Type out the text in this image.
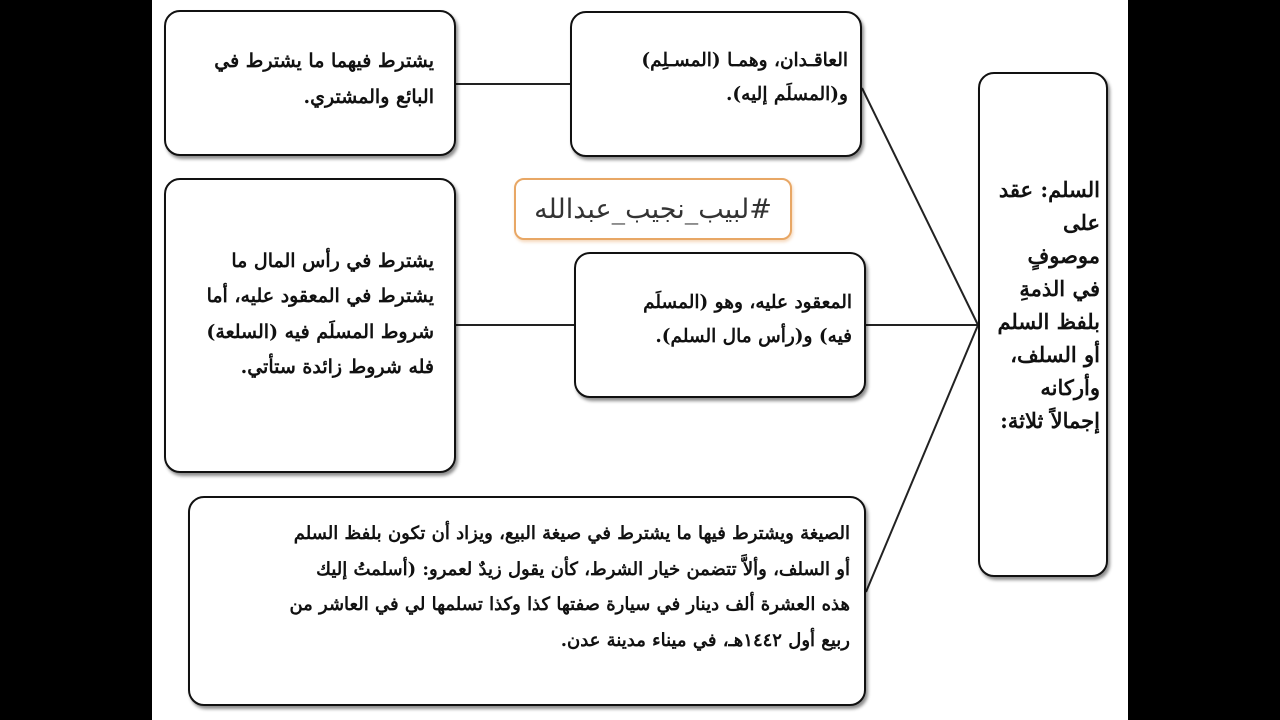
السلم: عقد
على موصوفٍ
في الذمةِ
بلفظ السلم
أو السلف،
وأركانه
إجمالاً ثلاثة:

العاقـدان، وهمـا (المسـلِم)
و(المسلَم إليه).

يشترط فيهما ما يشترط في
البائع والمشتري.

#لبيب_نجيب_عبدالله

المعقود عليه، وهو (المسلَم
فيه) و(رأس مال السلم).

يشترط في رأس المال ما
يشترط في المعقود عليه، أما
شروط المسلَم فيه (السلعة)
فله شروط زائدة ستأتي.

الصيغة ويشترط فيها ما يشترط في صيغة البيع، ويزاد أن تكون بلفظ السلم
أو السلف، وألاَّ تتضمن خيار الشرط، كأن يقول زيدٌ لعمرو: (أسلمتُ إليك
هذه العشرة ألف دينار في سيارة صفتها كذا وكذا تسلمها لي في العاشر من
ربيع أول ١٤٤٢هـ، في ميناء مدينة عدن.
